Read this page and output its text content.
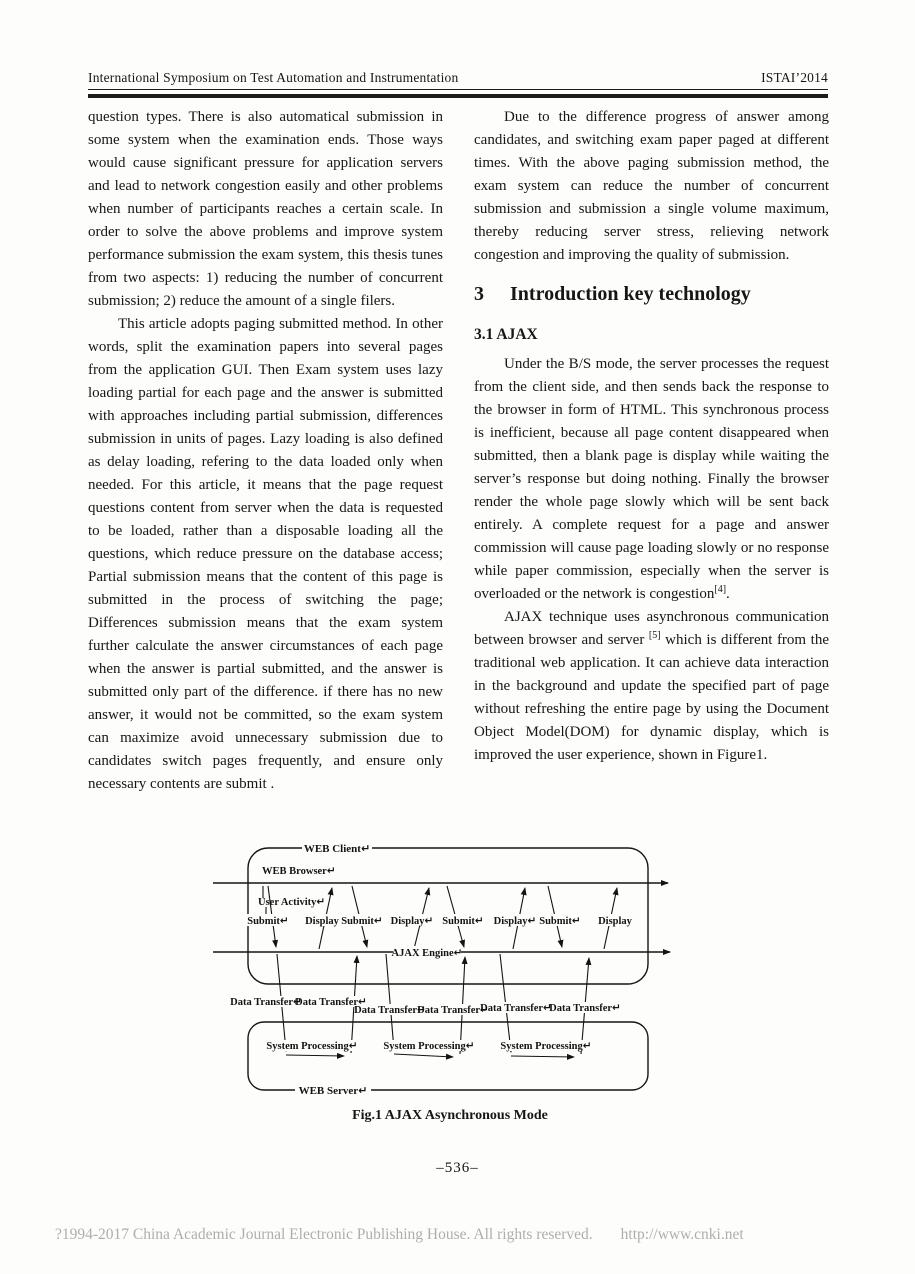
International Symposium on Test Automation and Instrumentation	ISTAI’2014

question types. There is also automatical submission in some system when the examination ends. Those ways would cause significant pressure for application servers and lead to network congestion easily and other problems when number of participants reaches a certain scale. In order to solve the above problems and improve system performance submission the exam system, this thesis tunes from two aspects: 1) reducing the number of concurrent submission; 2) reduce the amount of a single filers.

This article adopts paging submitted method. In other words, split the examination papers into several pages from the application GUI. Then Exam system uses lazy loading partial for each page and the answer is submitted with approaches including partial submission, differences submission in units of pages. Lazy loading is also defined as delay loading, refering to the data loaded only when needed. For this article, it means that the page request questions content from server when the data is requested to be loaded, rather than a disposable loading all the questions, which reduce pressure on the database access; Partial submission means that the content of this page is submitted in the process of switching the page; Differences submission means that the exam system further calculate the answer circumstances of each page when the answer is partial submitted, and the answer is submitted only part of the difference. if there has no new answer, it would not be committed, so the exam system can maximize avoid unnecessary submission due to candidates switch pages frequently, and ensure only necessary contents are submit .

Due to the difference progress of answer among candidates, and switching exam paper paged at different times. With the above paging submission method, the exam system can reduce the number of concurrent submission and submission a single volume maximum, thereby reducing server stress, relieving network congestion and improving the quality of submission.

3 Introduction key technology
3.1 AJAX

Under the B/S mode, the server processes the request from the client side, and then sends back the response to the browser in form of HTML. This synchronous process is inefficient, because all page content disappeared when submitted, then a blank page is display while waiting the server’s response but doing nothing. Finally the browser render the whole page slowly which will be sent back entirely. A complete request for a page and answer commission will cause page loading slowly or no response while paper commission, especially when the server is overloaded or the network is congestion[4].

AJAX technique uses asynchronous communication between browser and server [5] which is different from the traditional web application. It can achieve data interaction in the background and update the specified part of page without refreshing the entire page by using the Document Object Model(DOM) for dynamic display, which is improved the user experience, shown in Figure1.

WEB Client↵
WEB Browser↵
User Activity↵
Submit↵ Display Submit↵ Display↵ Submit↵ Display↵ Submit↵ Display
AJAX Engine↵
Data Transfer↵
Data Transfer↵
Data Transfer↵
Data Transfer↵
Data Transfer↵
Data Transfer↵
System Processing↵ System Processing↵ System Processing↵
WEB Server↵
Fig.1 AJAX Asynchronous Mode
–536–
?1994-2017 China Academic Journal Electronic Publishing House. All rights reserved. http://www.cnki.net
